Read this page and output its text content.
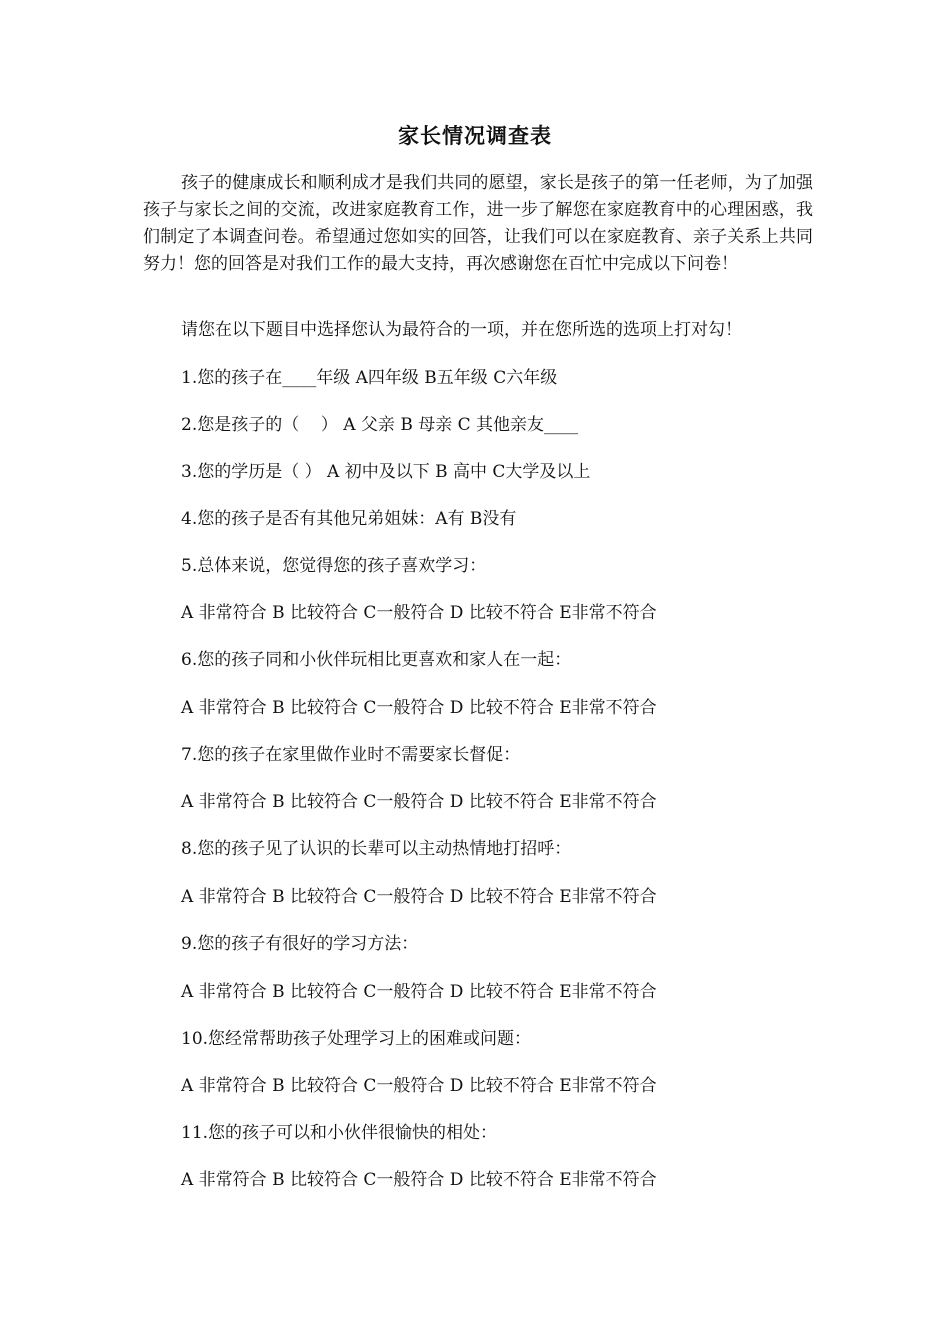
家长情况调查表

孩子的健康成长和顺利成才是我们共同的愿望，家长是孩子的第一任老师，为了加强孩子与家长之间的交流，改进家庭教育工作，进一步了解您在家庭教育中的心理困惑，我们制定了本调查问卷。希望通过您如实的回答，让我们可以在家庭教育、亲子关系上共同努力！您的回答是对我们工作的最大支持，再次感谢您在百忙中完成以下问卷！

请您在以下题目中选择您认为最符合的一项，并在您所选的选项上打对勾！

1.您的孩子在____年级 A四年级 B五年级 C六年级

2.您是孩子的（    ） A 父亲 B 母亲 C 其他亲友____

3.您的学历是（ ） A 初中及以下 B 高中 C大学及以上

4.您的孩子是否有其他兄弟姐妹：A有 B没有

5.总体来说，您觉得您的孩子喜欢学习：

A 非常符合 B 比较符合 C一般符合 D 比较不符合 E非常不符合

6.您的孩子同和小伙伴玩相比更喜欢和家人在一起：

A 非常符合 B 比较符合 C一般符合 D 比较不符合 E非常不符合

7.您的孩子在家里做作业时不需要家长督促：

A 非常符合 B 比较符合 C一般符合 D 比较不符合 E非常不符合

8.您的孩子见了认识的长辈可以主动热情地打招呼：

A 非常符合 B 比较符合 C一般符合 D 比较不符合 E非常不符合

9.您的孩子有很好的学习方法：

A 非常符合 B 比较符合 C一般符合 D 比较不符合 E非常不符合

10.您经常帮助孩子处理学习上的困难或问题：

A 非常符合 B 比较符合 C一般符合 D 比较不符合 E非常不符合

11.您的孩子可以和小伙伴很愉快的相处：

A 非常符合 B 比较符合 C一般符合 D 比较不符合 E非常不符合
